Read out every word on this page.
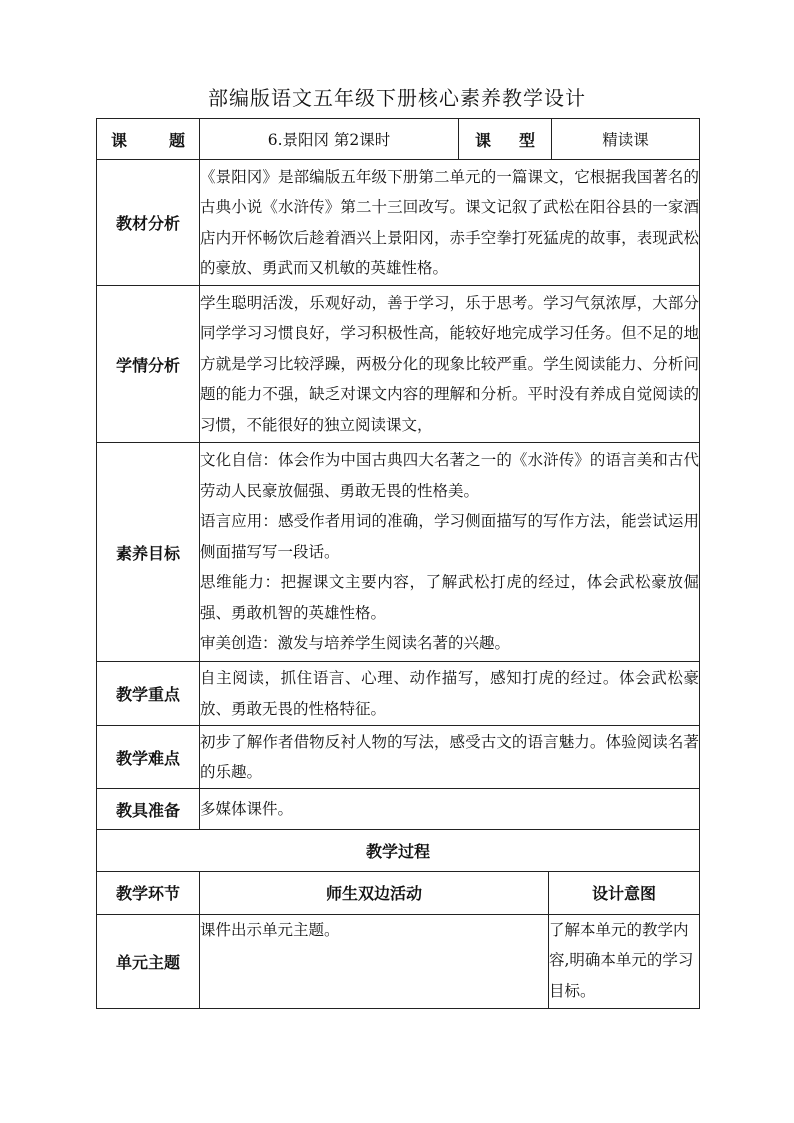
部编版语文五年级下册核心素养教学设计
课 题	6.景阳冈 第2课时	课 型	精读课
教材分析	《景阳冈》是部编版五年级下册第二单元的一篇课文，它根据我国著名的古典小说《水浒传》第二十三回改写。课文记叙了武松在阳谷县的一家酒店内开怀畅饮后趁着酒兴上景阳冈，赤手空拳打死猛虎的故事，表现武松的豪放、勇武而又机敏的英雄性格。		
学情分析	学生聪明活泼，乐观好动，善于学习，乐于思考。学习气氛浓厚，大部分同学学习习惯良好，学习积极性高，能较好地完成学习任务。但不足的地方就是学习比较浮躁，两极分化的现象比较严重。学生阅读能力、分析问题的能力不强，缺乏对课文内容的理解和分析。平时没有养成自觉阅读的习惯，不能很好的独立阅读课文，		
素养目标	文化自信：体会作为中国古典四大名著之一的《水浒传》的语言美和古代劳动人民豪放倔强、勇敢无畏的性格美。

语言应用：感受作者用词的准确，学习侧面描写的写作方法，能尝试运用侧面描写写一段话。

思维能力：把握课文主要内容，了解武松打虎的经过，体会武松豪放倔强、勇敢机智的英雄性格。

审美创造：激发与培养学生阅读名著的兴趣。		

教学重点	自主阅读，抓住语言、心理、动作描写，感知打虎的经过。体会武松豪放、勇敢无畏的性格特征。		
教学难点	初步了解作者借物反衬人物的写法，感受古文的语言魅力。体验阅读名著的乐趣。		
教具准备	多媒体课件。		
教学过程			
教学环节	师生双边活动	设计意图
单元主题	课件出示单元主题。	了解本单元的教学内容,明确本单元的学习目标。
